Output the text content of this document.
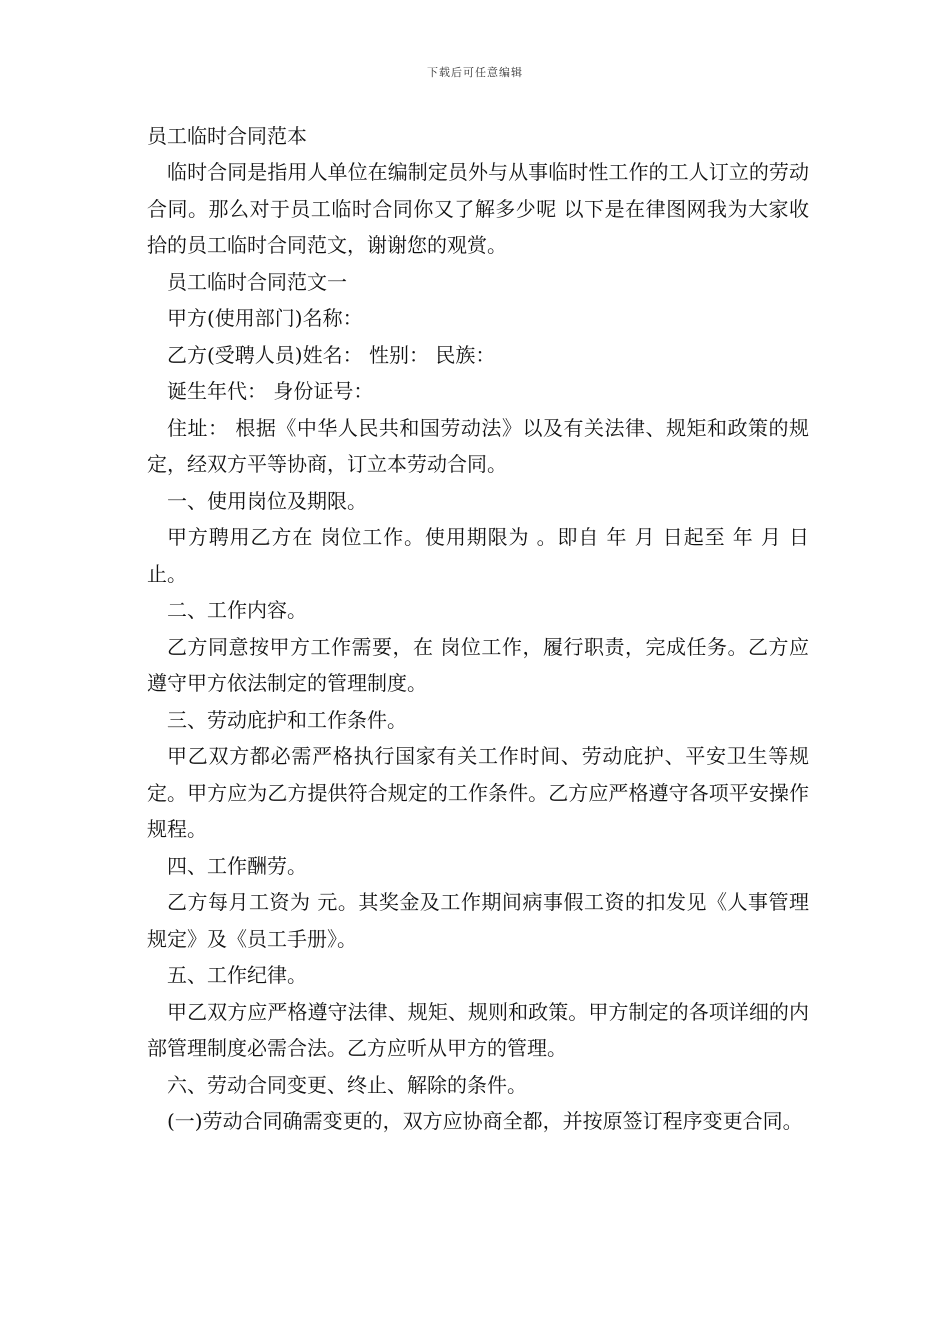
下载后可任意编辑

员工临时合同范本

临时合同是指用人单位在编制定员外与从事临时性工作的工人订立的劳动合同。那么对于员工临时合同你又了解多少呢 以下是在律图网我为大家收拾的员工临时合同范文，谢谢您的观赏。

员工临时合同范文一

甲方(使用部门)名称：

乙方(受聘人员)姓名： 性别： 民族：

诞生年代： 身份证号：

住址： 根据《中华人民共和国劳动法》以及有关法律、规矩和政策的规定，经双方平等协商，订立本劳动合同。

一、使用岗位及期限。

甲方聘用乙方在 岗位工作。使用期限为 。即自 年 月 日起至 年 月 日止。

二、工作内容。

乙方同意按甲方工作需要，在 岗位工作，履行职责，完成任务。乙方应遵守甲方依法制定的管理制度。

三、劳动庇护和工作条件。

甲乙双方都必需严格执行国家有关工作时间、劳动庇护、平安卫生等规定。甲方应为乙方提供符合规定的工作条件。乙方应严格遵守各项平安操作规程。

四、工作酬劳。

乙方每月工资为 元。其奖金及工作期间病事假工资的扣发见《人事管理规定》及《员工手册》。

五、工作纪律。

甲乙双方应严格遵守法律、规矩、规则和政策。甲方制定的各项详细的内部管理制度必需合法。乙方应听从甲方的管理。

六、劳动合同变更、终止、解除的条件。

(一)劳动合同确需变更的，双方应协商全都，并按原签订程序变更合同。
